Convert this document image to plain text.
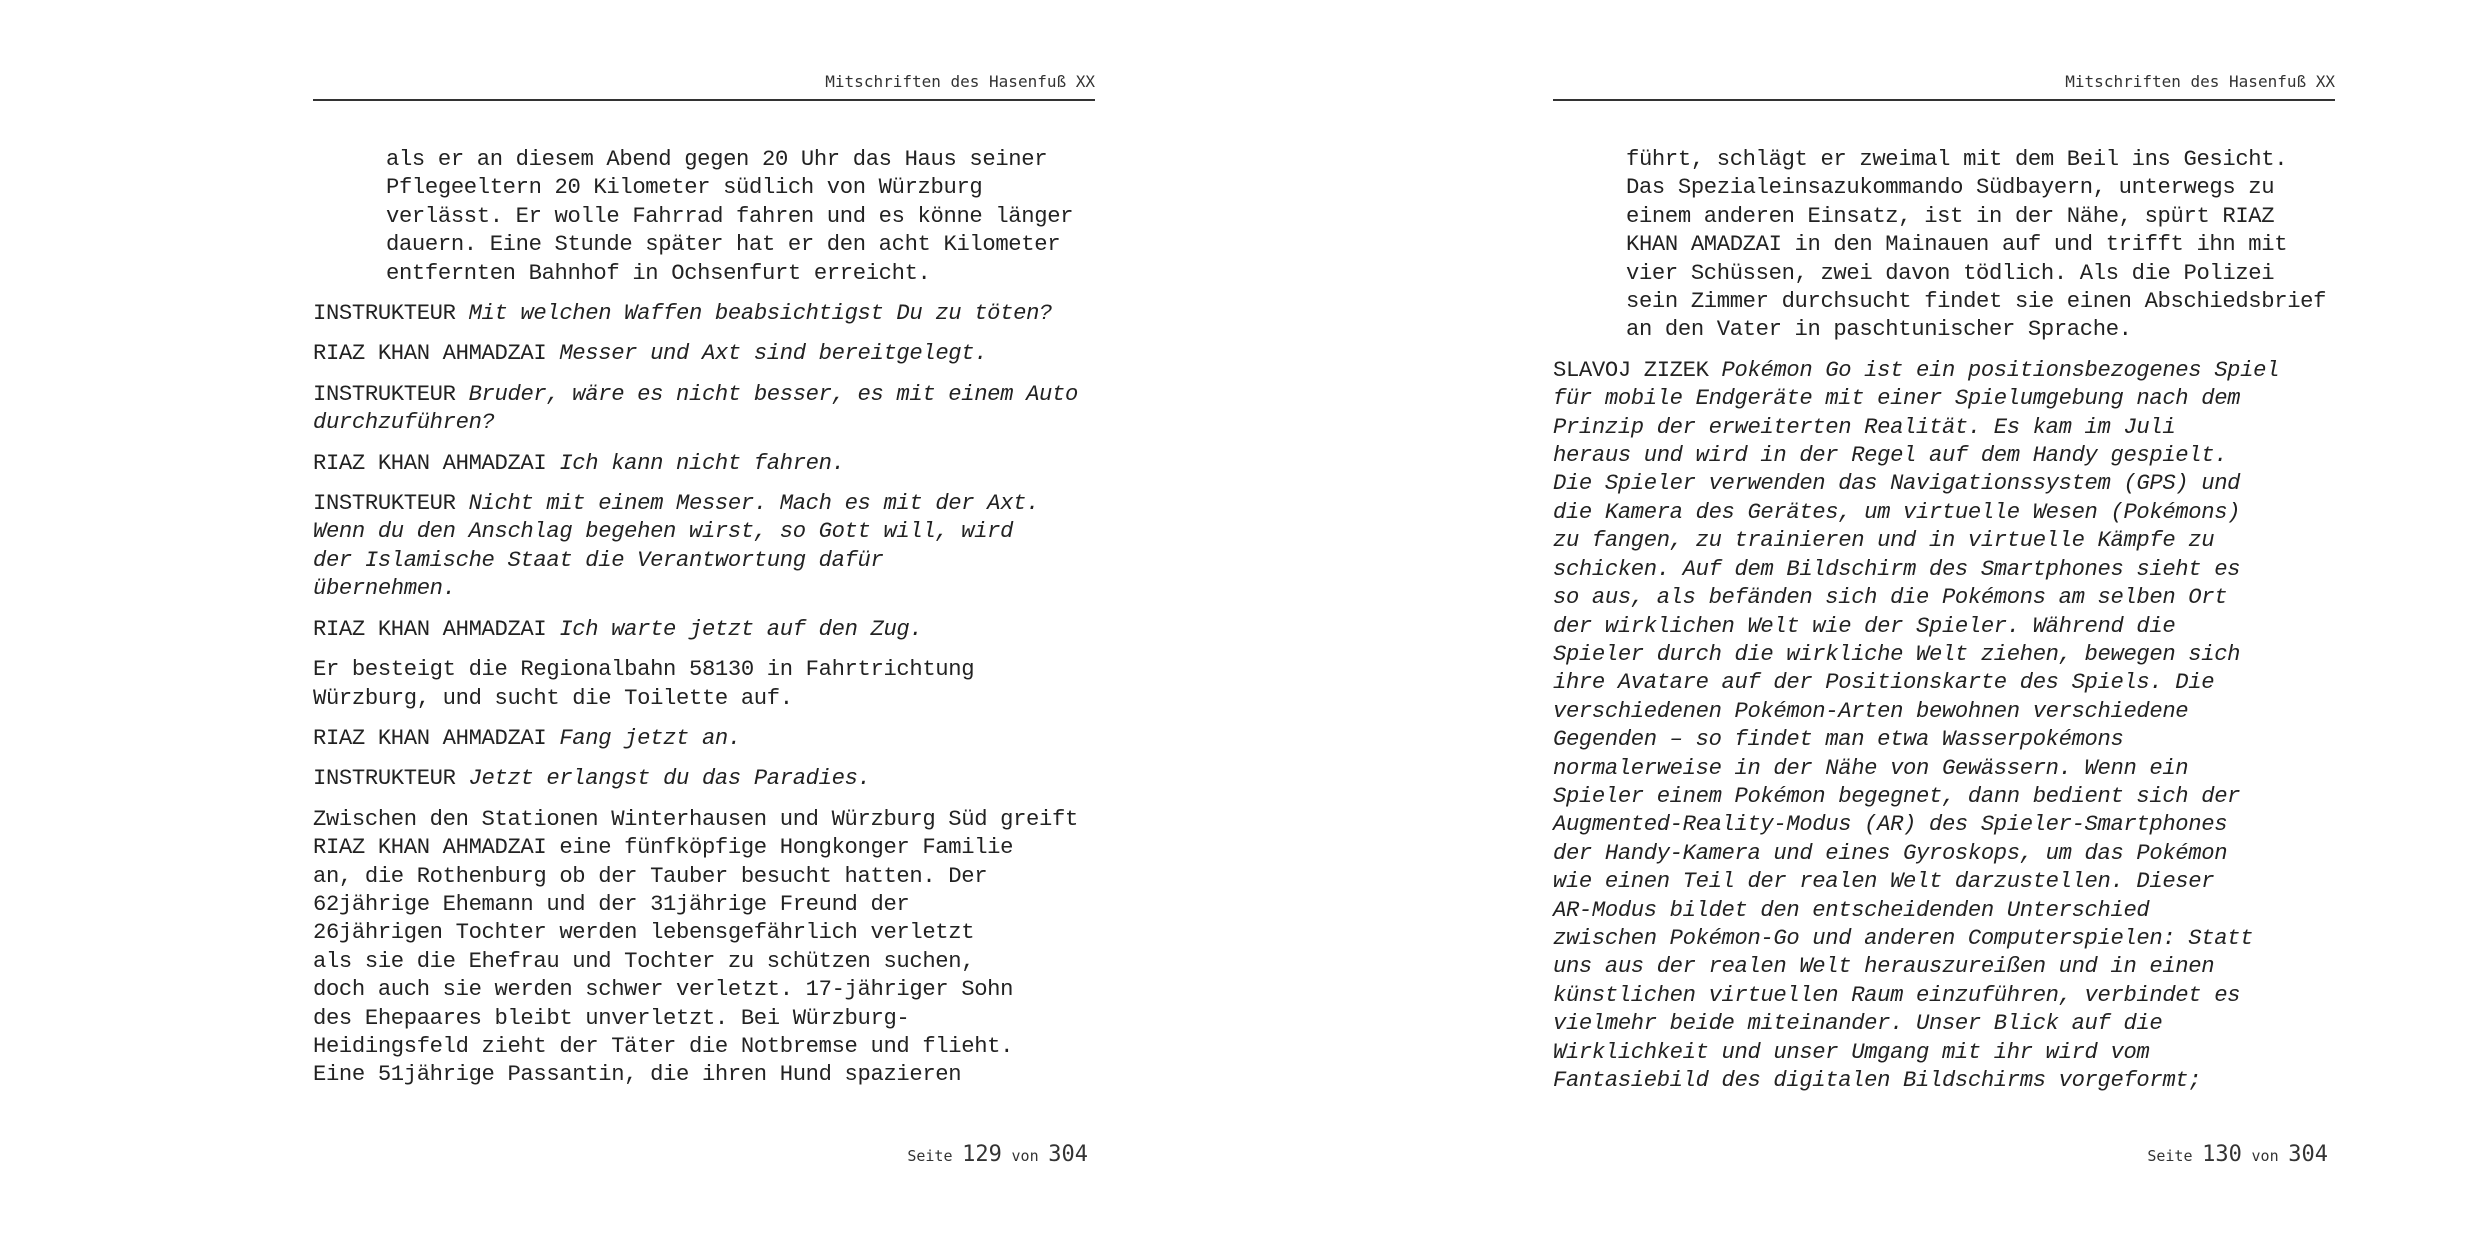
Mitschriften des Hasenfuß XX
als er an diesem Abend gegen 20 Uhr das Haus seiner
Pflegeeltern 20 Kilometer südlich von Würzburg
verlässt. Er wolle Fahrrad fahren und es könne länger
dauern. Eine Stunde später hat er den acht Kilometer
entfernten Bahnhof in Ochsenfurt erreicht.
INSTRUKTEUR Mit welchen Waffen beabsichtigst Du zu töten?
RIAZ KHAN AHMADZAI Messer und Axt sind bereitgelegt.
INSTRUKTEUR Bruder, wäre es nicht besser, es mit einem Auto
durchzuführen?
RIAZ KHAN AHMADZAI Ich kann nicht fahren.
INSTRUKTEUR Nicht mit einem Messer. Mach es mit der Axt.
Wenn du den Anschlag begehen wirst, so Gott will, wird
der Islamische Staat die Verantwortung dafür
übernehmen.
RIAZ KHAN AHMADZAI Ich warte jetzt auf den Zug.
Er besteigt die Regionalbahn 58130 in Fahrtrichtung
Würzburg, und sucht die Toilette auf.
RIAZ KHAN AHMADZAI Fang jetzt an.
INSTRUKTEUR Jetzt erlangst du das Paradies.
Zwischen den Stationen Winterhausen und Würzburg Süd greift
RIAZ KHAN AHMADZAI eine fünfköpfige Hongkonger Familie
an, die Rothenburg ob der Tauber besucht hatten. Der
62jährige Ehemann und der 31jährige Freund der
26jährigen Tochter werden lebensgefährlich verletzt
als sie die Ehefrau und Tochter zu schützen suchen,
doch auch sie werden schwer verletzt. 17-jähriger Sohn
des Ehepaares bleibt unverletzt. Bei Würzburg-
Heidingsfeld zieht der Täter die Notbremse und flieht.
Eine 51jährige Passantin, die ihren Hund spazieren
Seite 129 von 304
Mitschriften des Hasenfuß XX
führt, schlägt er zweimal mit dem Beil ins Gesicht.
Das Spezialeinsazukommando Südbayern, unterwegs zu
einem anderen Einsatz, ist in der Nähe, spürt RIAZ
KHAN AMADZAI in den Mainauen auf und trifft ihn mit
vier Schüssen, zwei davon tödlich. Als die Polizei
sein Zimmer durchsucht findet sie einen Abschiedsbrief
an den Vater in paschtunischer Sprache.
SLAVOJ ZIZEK Pokémon Go ist ein positionsbezogenes Spiel
für mobile Endgeräte mit einer Spielumgebung nach dem
Prinzip der erweiterten Realität. Es kam im Juli
heraus und wird in der Regel auf dem Handy gespielt.
Die Spieler verwenden das Navigationssystem (GPS) und
die Kamera des Gerätes, um virtuelle Wesen (Pokémons)
zu fangen, zu trainieren und in virtuelle Kämpfe zu
schicken. Auf dem Bildschirm des Smartphones sieht es
so aus, als befänden sich die Pokémons am selben Ort
der wirklichen Welt wie der Spieler. Während die
Spieler durch die wirkliche Welt ziehen, bewegen sich
ihre Avatare auf der Positionskarte des Spiels. Die
verschiedenen Pokémon-Arten bewohnen verschiedene
Gegenden – so findet man etwa Wasserpokémons
normalerweise in der Nähe von Gewässern. Wenn ein
Spieler einem Pokémon begegnet, dann bedient sich der
Augmented-Reality-Modus (AR) des Spieler-Smartphones
der Handy-Kamera und eines Gyroskops, um das Pokémon
wie einen Teil der realen Welt darzustellen. Dieser
AR-Modus bildet den entscheidenden Unterschied
zwischen Pokémon-Go und anderen Computerspielen: Statt
uns aus der realen Welt herauszureißen und in einen
künstlichen virtuellen Raum einzuführen, verbindet es
vielmehr beide miteinander. Unser Blick auf die
Wirklichkeit und unser Umgang mit ihr wird vom
Fantasiebild des digitalen Bildschirms vorgeformt;
Seite 130 von 304
